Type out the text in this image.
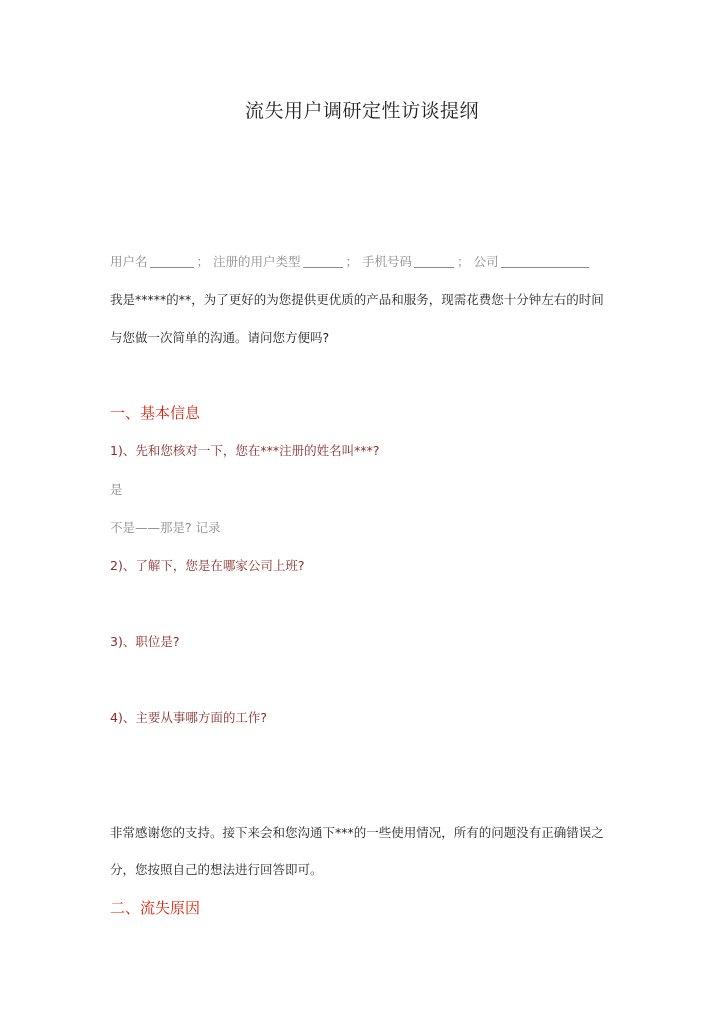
流失用户调研定性访谈提纲
用户名	； 注册的用户类型	； 手机号码	； 公司
我是*****的**，为了更好的为您提供更优质的产品和服务，现需花费您十分钟左右的时间
与您做一次简单的沟通。请问您方便吗?
一、基本信息
1)、先和您核对一下，您在***注册的姓名叫***?
是
不是——那是? 记录
2)、了解下，您是在哪家公司上班?
3)、职位是?
4)、主要从事哪方面的工作?
非常感谢您的支持。接下来会和您沟通下***的一些使用情况，所有的问题没有正确错误之
分，您按照自己的想法进行回答即可。
二、流失原因
